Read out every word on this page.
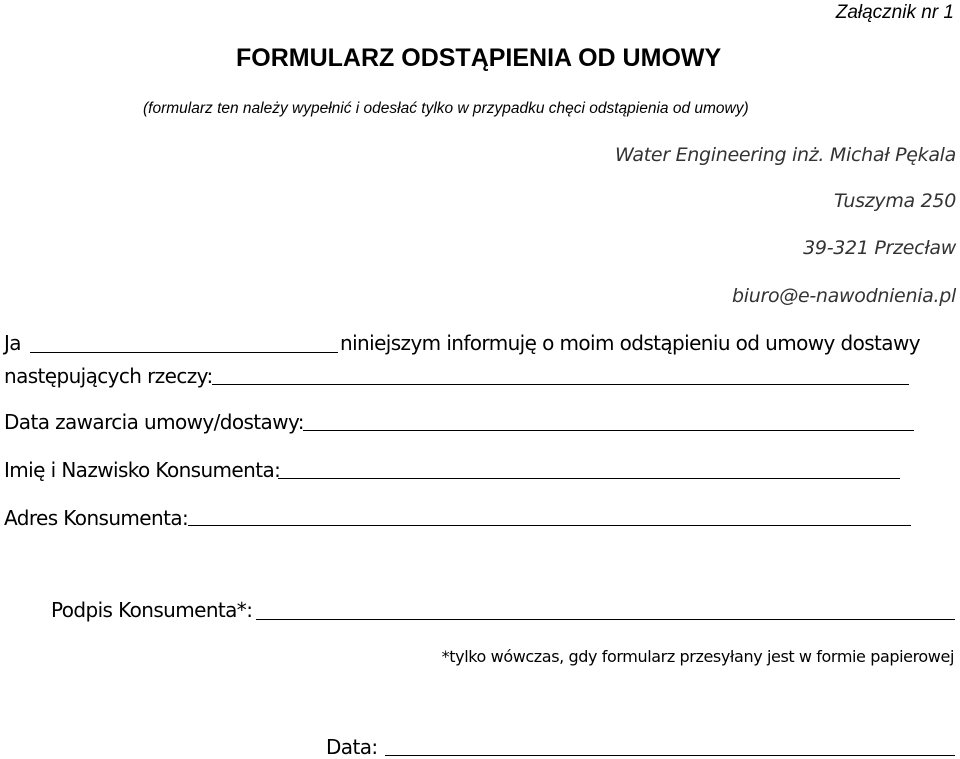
Załącznik nr 1
FORMULARZ ODSTĄPIENIA OD UMOWY
(formularz ten należy wypełnić i odesłać tylko w przypadku chęci odstąpienia od umowy)
Water Engineering inż. Michał Pękala
Tuszyma 250
39-321 Przecław
biuro@e-nawodnienia.pl
Ja	niniejszym informuję o moim odstąpieniu od umowy dostawy
następujących rzeczy:
Data zawarcia umowy/dostawy:
Imię i Nazwisko Konsumenta:
Adres Konsumenta:
Podpis Konsumenta*:
*tylko wówczas, gdy formularz przesyłany jest w formie papierowej
Data:
